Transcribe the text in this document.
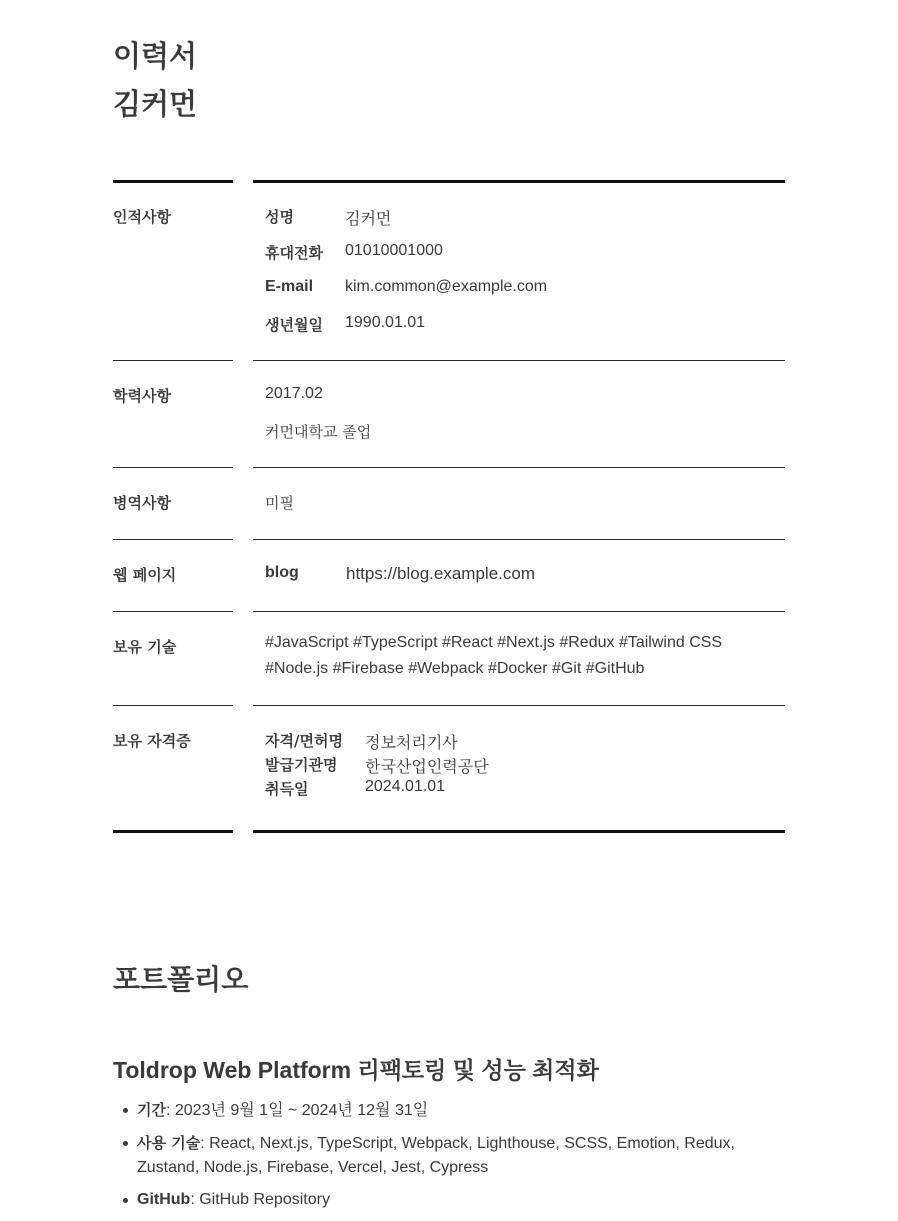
이력서
김커먼
인적사항	성명	김커먼
휴대전화 01010001000
E-mail kim.common@example.com
생년월일 1990.01.01
학력사항	2017.02
커먼대학교 졸업
병역사항	미필
웹 페이지	blog	https://blog.example.com
보유 기술	#JavaScript #TypeScript #React #Next.js #Redux #Tailwind CSS
#Node.js #Firebase #Webpack #Docker #Git #GitHub
보유 자격증	자격/면허명 정보처리기사
발급기관명 한국산업인력공단
취득일	2024.01.01
포트폴리오
Toldrop Web Platform 리팩토링 및 성능 최적화
기간: 2023년 9월 1일 ~ 2024년 12월 31일
사용 기술: React, Next.js, TypeScript, Webpack, Lighthouse, SCSS, Emotion, Redux, Zustand, Node.js, Firebase, Vercel, Jest, Cypress
GitHub: GitHub Repository
